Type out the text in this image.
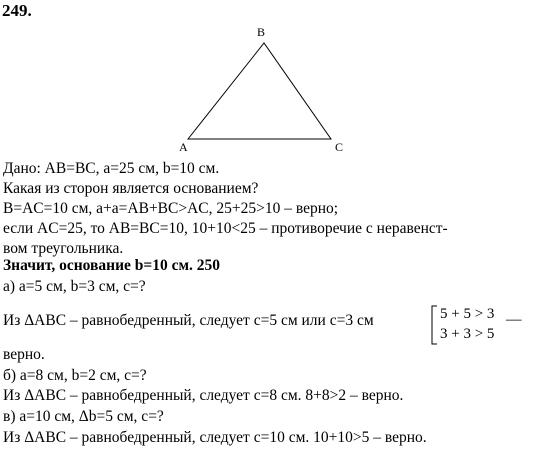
249.
B
A	C
Дано: AB=BC, a=25 см, b=10 см.
Какая из сторон является основанием?
B=AC=10 см, a+a=AB+BC>AC, 25+25>10 – верно;
если AC=25, то AB=BC=10, 10+10<25 – противоречие с неравенст-
вом треугольника.
Значит, основание b=10 см. 250
а) a=5 см, b=3 см, c=?
Из ΔABC – равнобедренный, следует c=5 см или c=3 см	5 + 5 > 3
3 + 3 > 5
—
верно.
б) a=8 см, b=2 см, c=?
Из ΔABC – равнобедренный, следует c=8 см. 8+8>2 – верно.
в) a=10 см, Δb=5 см, c=?
Из ΔABC – равнобедренный, следует c=10 см. 10+10>5 – верно.
